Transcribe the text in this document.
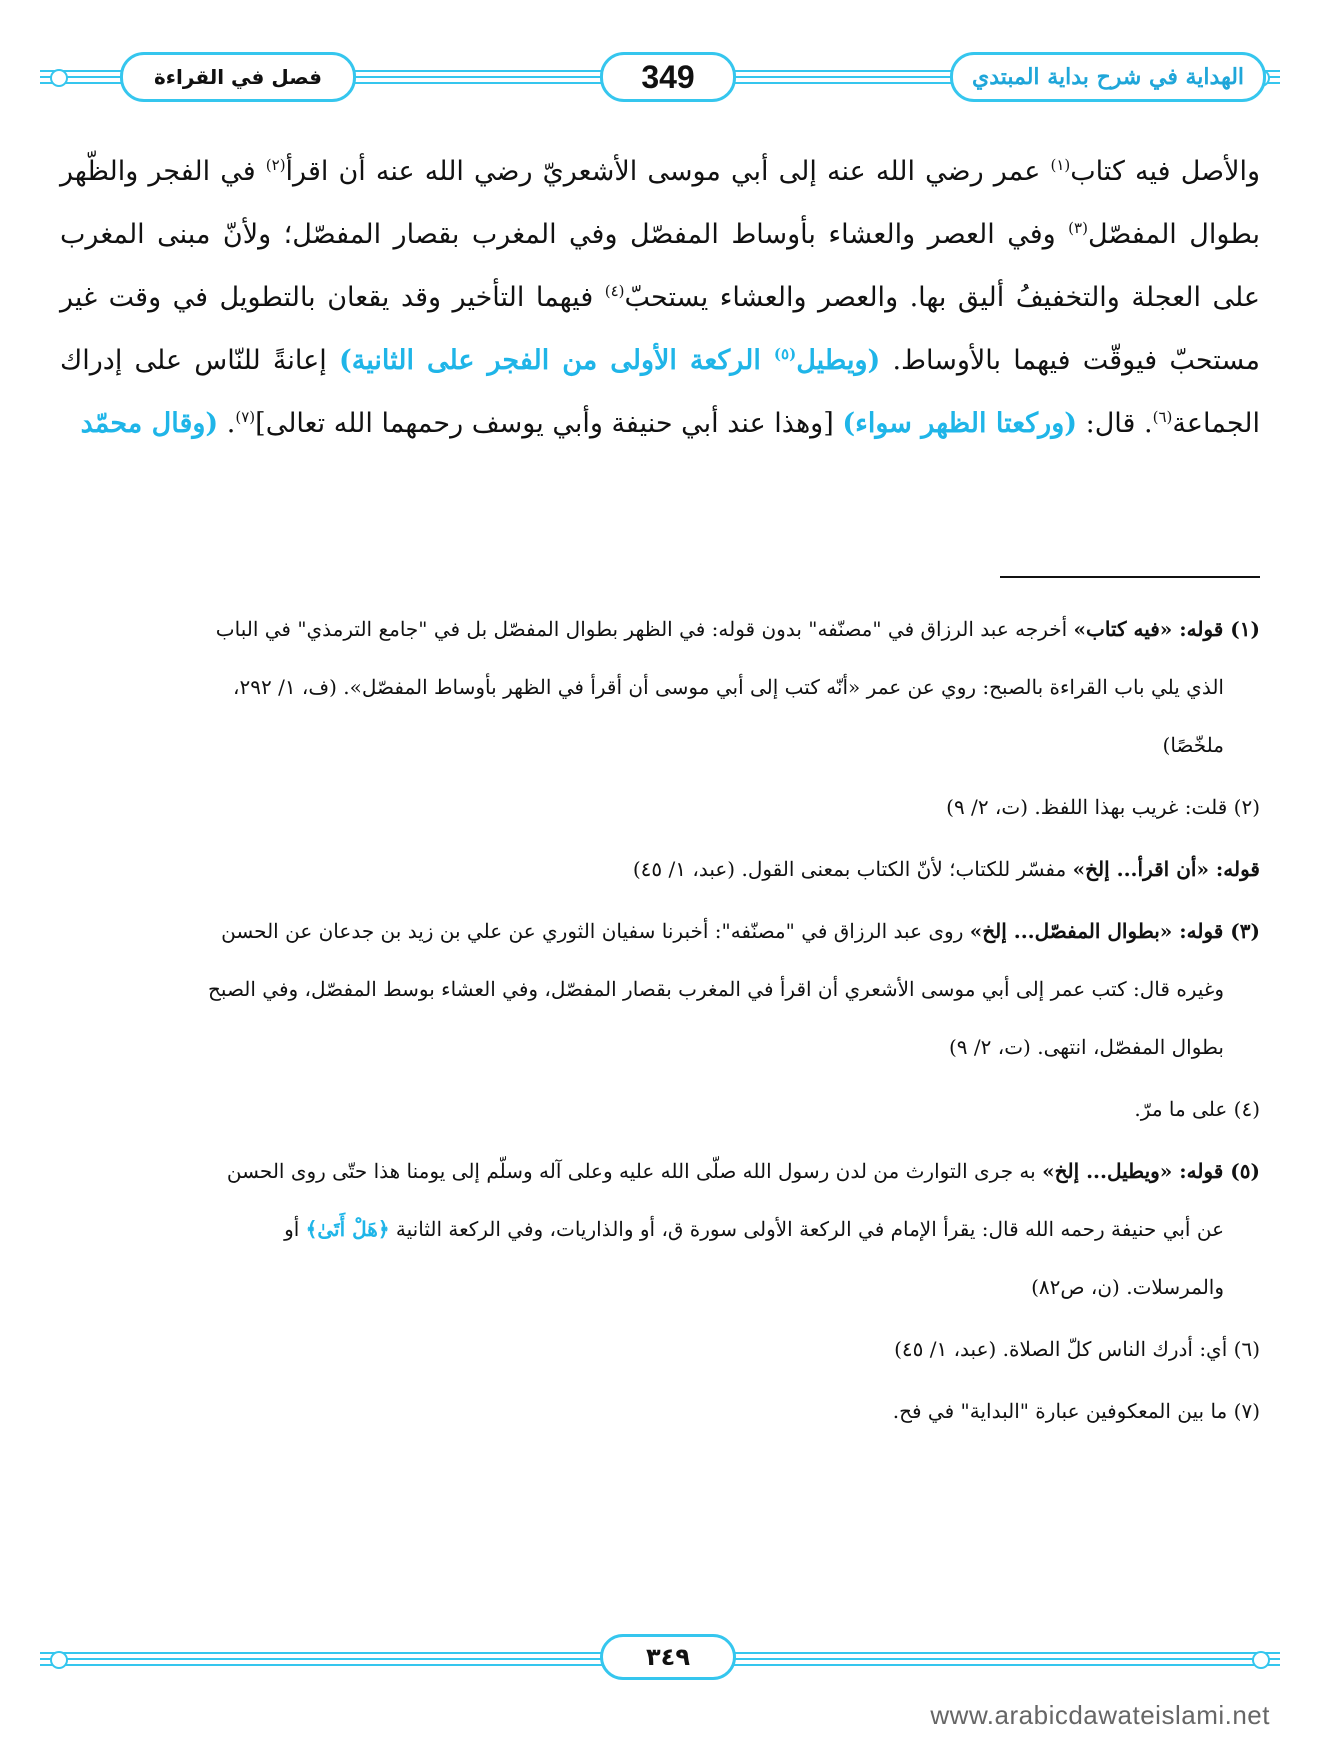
فصل في القراءة	349	الهداية في شرح بداية المبتدي

والأصل فيه كتاب$^{(١)}$ عمر رضي الله عنه إلى أبي موسى الأشعريّ رضي الله عنه أن اقرأ$^{(٢)}$ في الفجر والظّهر بطوال المفصّل$^{(٣)}$ وفي العصر والعشاء بأوساط المفصّل وفي المغرب بقصار المفصّل؛ ولأنّ مبنى المغرب على العجلة والتخفيفُ أليق بها. والعصر والعشاء يستحبّ$^{(٤)}$ فيهما التأخير وقد يقعان بالتطويل في وقت غير مستحبّ فيوقّت فيهما بالأوساط. (ويطيل$^{(٥)}$ الركعة الأولى من الفجر على الثانية) إعانةً للنّاس على إدراك الجماعة$^{(٦)}$. قال: (وركعتا الظهر سواء) [وهذا عند أبي حنيفة وأبي يوسف رحمهما الله تعالى]$^{(٧)}$. (وقال محمّد

(١) قوله: «فيه كتاب» أخرجه عبد الرزاق في "مصنّفه" بدون قوله: في الظهر بطوال المفصّل بل في "جامع الترمذي" في الباب
الذي يلي باب القراءة بالصبح: روي عن عمر «أنّه كتب إلى أبي موسى أن أقرأ في الظهر بأوساط المفصّل». (ف، ١/ ٢٩٢،
ملخّصًا)
(٢) قلت: غريب بهذا اللفظ. (ت، ٢/ ٩)
قوله: «أن اقرأ... إلخ» مفسّر للكتاب؛ لأنّ الكتاب بمعنى القول. (عبد، ١/ ٤٥)
(٣) قوله: «بطوال المفصّل... إلخ» روى عبد الرزاق في "مصنّفه": أخبرنا سفيان الثوري عن علي بن زيد بن جدعان عن الحسن
وغيره قال: كتب عمر إلى أبي موسى الأشعري أن اقرأ في المغرب بقصار المفصّل، وفي العشاء بوسط المفصّل، وفي الصبح
بطوال المفصّل، انتهى. (ت، ٢/ ٩)
(٤) على ما مرّ.
(٥) قوله: «ويطيل... إلخ» به جرى التوارث من لدن رسول الله صلّى الله عليه وعلى آله وسلّم إلى يومنا هذا حتّى روى الحسن
عن أبي حنيفة رحمه الله قال: يقرأ الإمام في الركعة الأولى سورة ق، أو والذاريات، وفي الركعة الثانية ﴿هَلْ أَتَىٰ﴾ أو
والمرسلات. (ن، ص٨٢)
(٦) أي: أدرك الناس كلّ الصلاة. (عبد، ١/ ٤٥)
(٧) ما بين المعكوفين عبارة "البداية" في فح.
٣٤٩
www.arabicdawateislami.net
